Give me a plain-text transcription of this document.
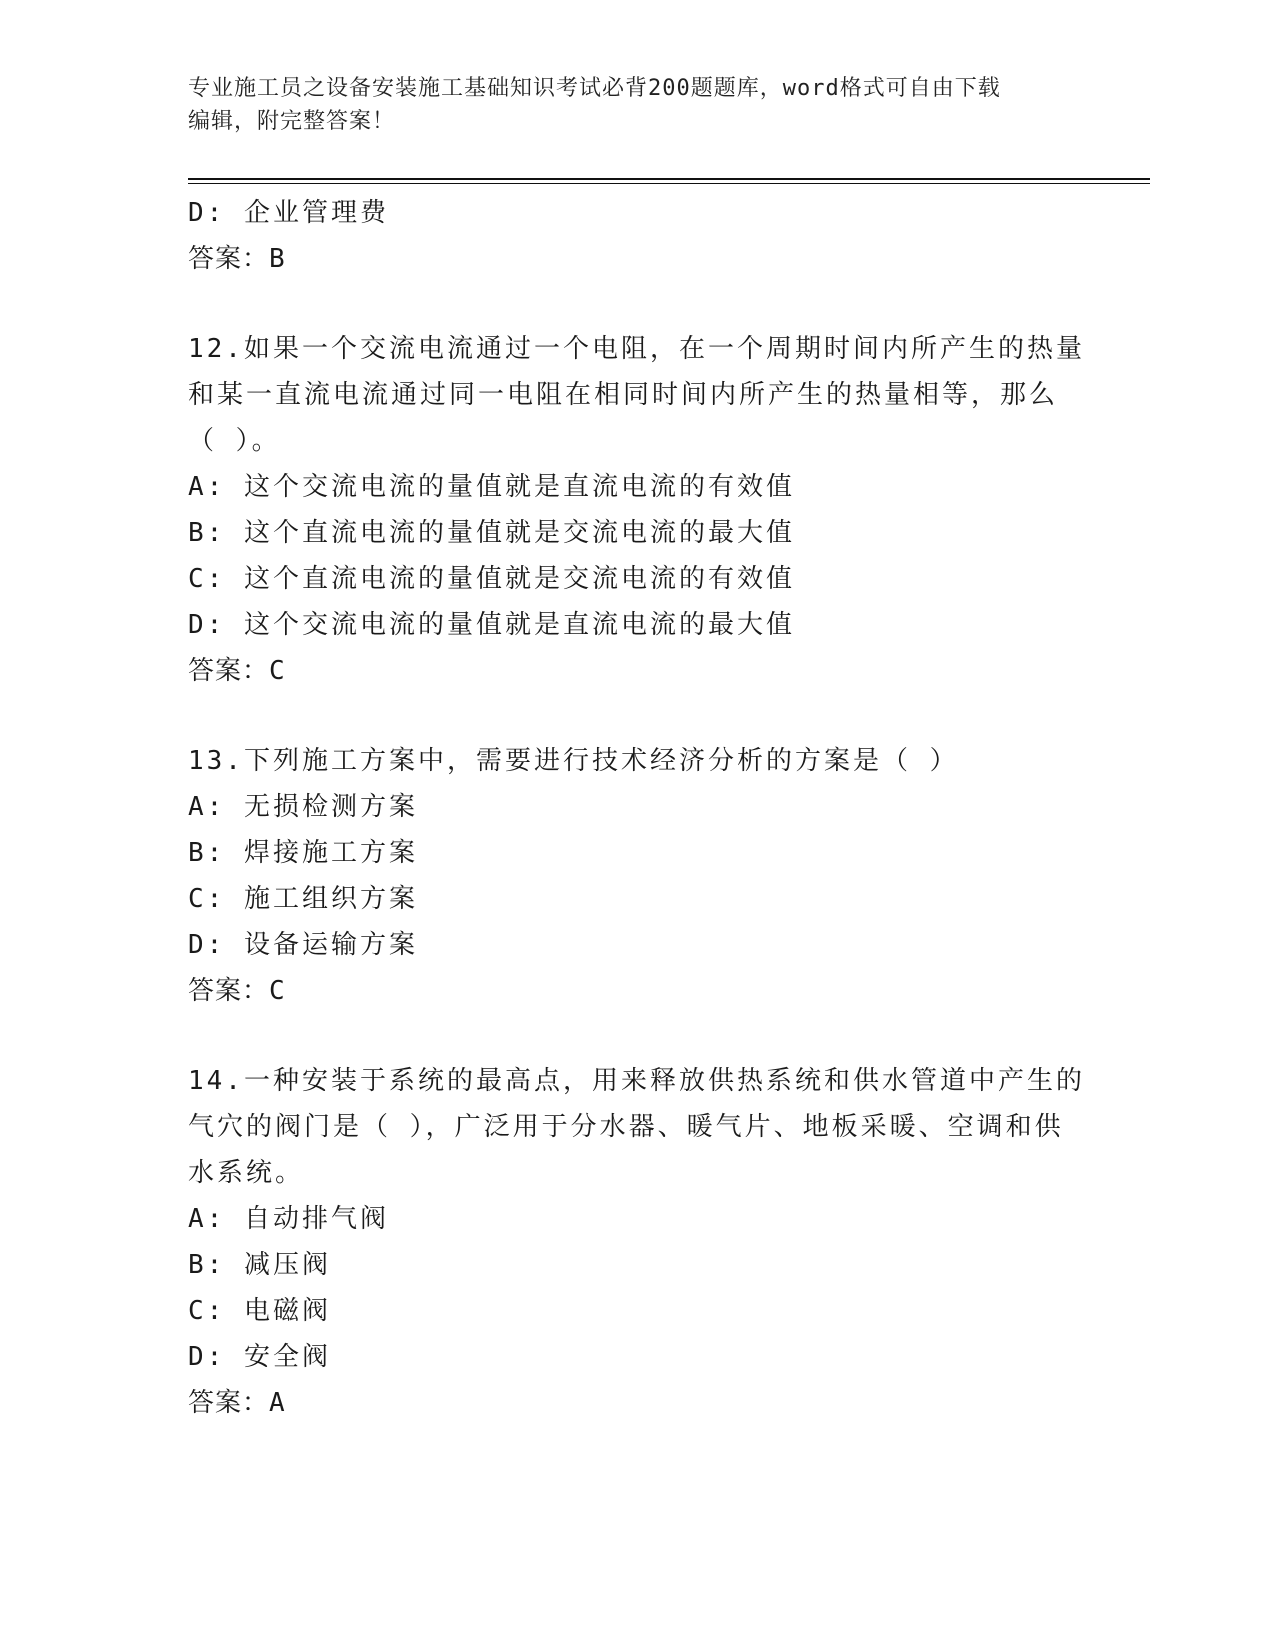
专业施工员之设备安装施工基础知识考试必背200题题库，word格式可自由下载
编辑，附完整答案！
D: 企业管理费
答案：B
12.如果一个交流电流通过一个电阻，在一个周期时间内所产生的热量
和某一直流电流通过同一电阻在相同时间内所产生的热量相等，那么
（ ）。
A: 这个交流电流的量值就是直流电流的有效值
B: 这个直流电流的量值就是交流电流的最大值
C: 这个直流电流的量值就是交流电流的有效值
D: 这个交流电流的量值就是直流电流的最大值
答案：C
13.下列施工方案中，需要进行技术经济分析的方案是（ ）
A: 无损检测方案
B: 焊接施工方案
C: 施工组织方案
D: 设备运输方案
答案：C
14.一种安装于系统的最高点，用来释放供热系统和供水管道中产生的
气穴的阀门是（ ），广泛用于分水器、暖气片、地板采暖、空调和供
水系统。
A: 自动排气阀
B: 减压阀
C: 电磁阀
D: 安全阀
答案：A
